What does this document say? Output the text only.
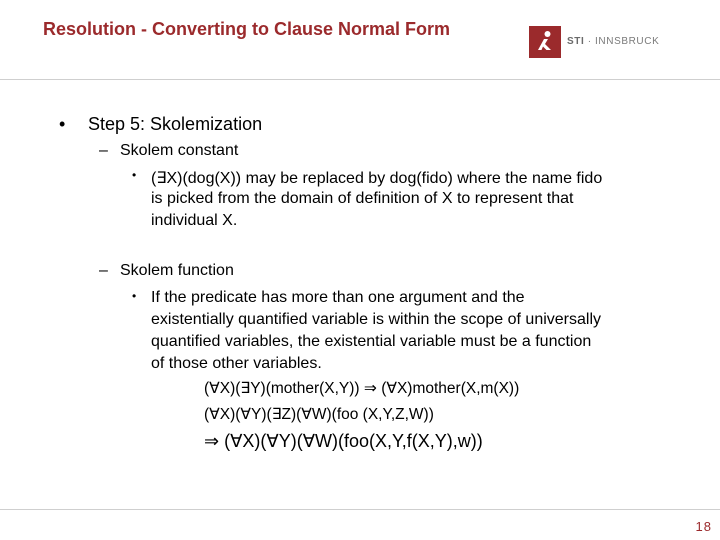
Resolution - Converting to Clause Normal Form
STI · INNSBRUCK
• Step 5: Skolemization
– Skolem constant
• (∃X)(dog(X)) may be replaced by dog(fido) where the name fido
is picked from the domain of definition of X to represent that
individual X.
– Skolem function
• If the predicate has more than one argument and the
existentially quantified variable is within the scope of universally
quantified variables, the existential variable must be a function
of those other variables.
(∀X)(∃Y)(mother(X,Y)) ⇒ (∀X)mother(X,m(X))
(∀X)(∀Y)(∃Z)(∀W)(foo (X,Y,Z,W))
⇒ (∀X)(∀Y)(∀W)(foo(X,Y,f(X,Y),w))
18
